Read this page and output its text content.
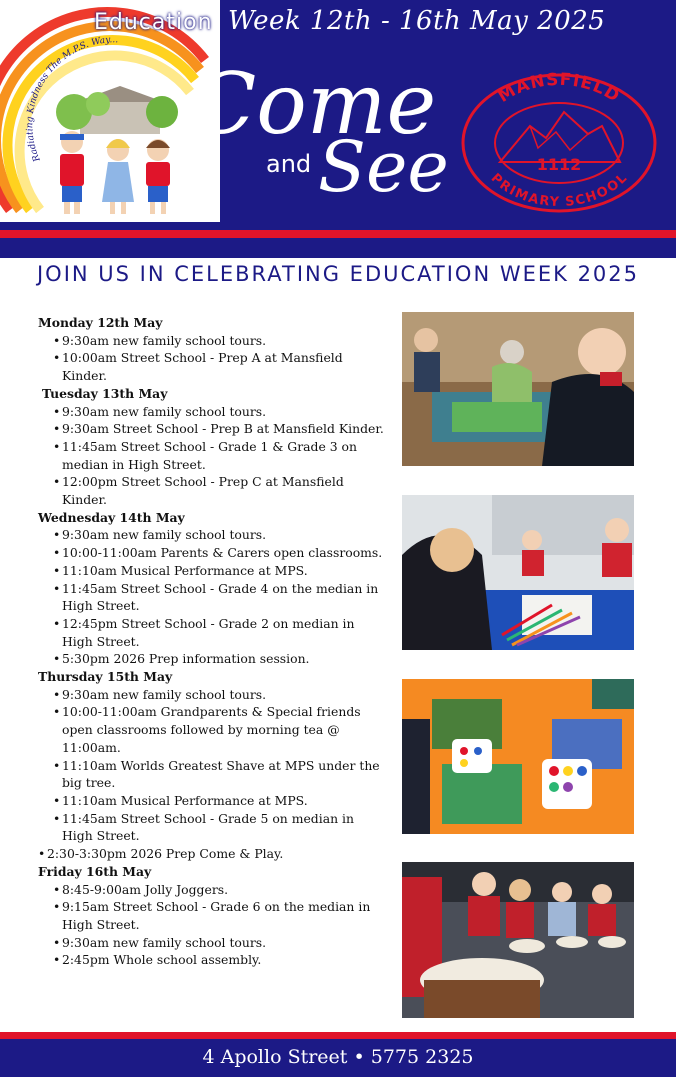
Radiating Kindness The M.P.S. Way...
Education Week 12th - 16th May 2025
Come
and See
MANSFIELD
1112
PRIMARY SCHOOL
JOIN US IN CELEBRATING EDUCATION WEEK 2025
Monday 12th May
• 9:30am new family school tours.
• 10:00am Street School - Prep A at Mansfield Kinder.
Tuesday 13th May
• 9:30am new family school tours.
• 9:30am Street School - Prep B at Mansfield Kinder.
• 11:45am Street School - Grade 1 & Grade 3 on median in High Street.
• 12:00pm Street School - Prep C at Mansfield Kinder.
Wednesday 14th May
• 9:30am new family school tours.
• 10:00-11:00am Parents & Carers open classrooms.
• 11:10am Musical Performance at MPS.
• 11:45am Street School - Grade 4 on the median in High Street.
• 12:45pm Street School - Grade 2 on median in High Street.
• 5:30pm 2026 Prep information session.
Thursday 15th May
• 9:30am new family school tours.
• 10:00-11:00am Grandparents & Special friends open classrooms followed by morning tea @ 11:00am.
• 11:10am Worlds Greatest Shave at MPS under the big tree.
• 11:10am Musical Performance at MPS.
• 11:45am Street School - Grade 5 on median in High Street.
• 2:30-3:30pm 2026 Prep Come & Play.
Friday 16th May
• 8:45-9:00am Jolly Joggers.
• 9:15am Street School - Grade 6 on the median in High Street.
• 9:30am new family school tours.
• 2:45pm Whole school assembly.
4 Apollo Street • 5775 2325
